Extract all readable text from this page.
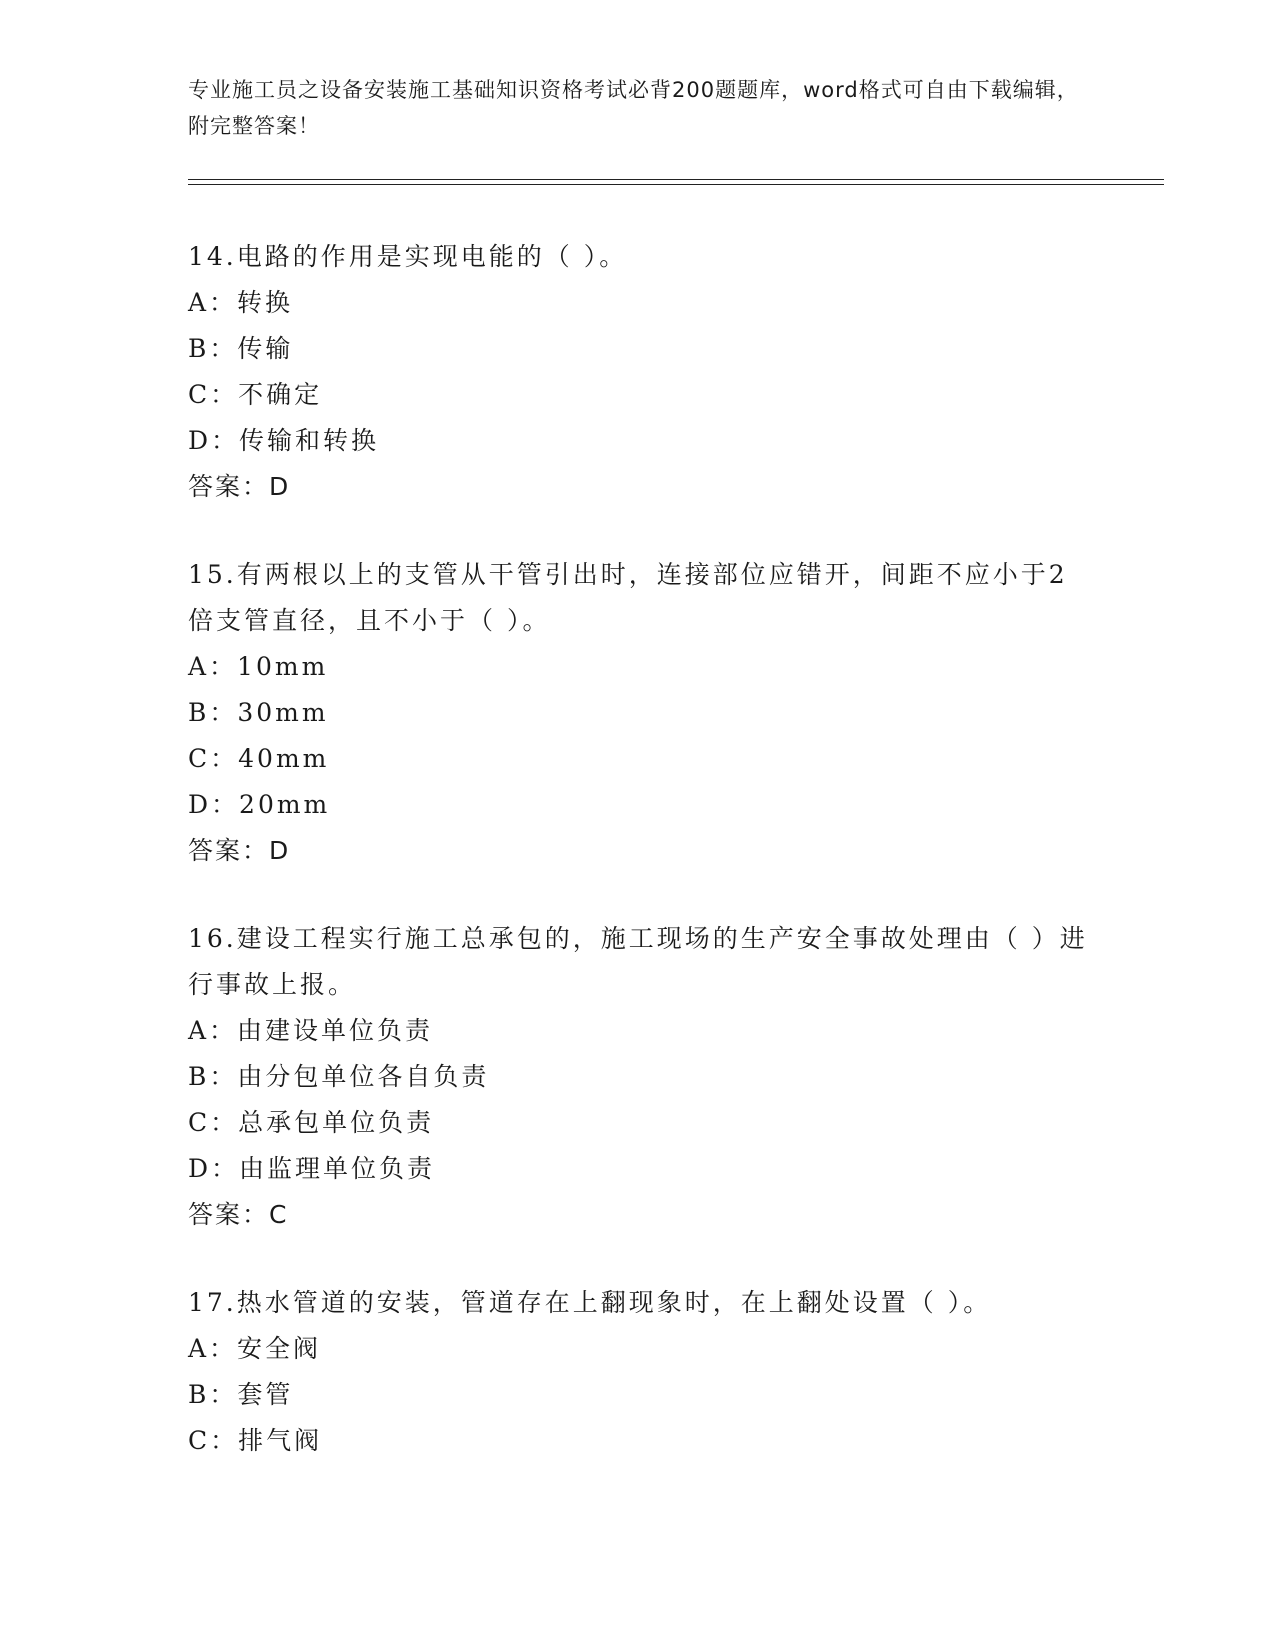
专业施工员之设备安装施工基础知识资格考试必背200题题库，word格式可自由下载编辑，附完整答案！
14.电路的作用是实现电能的（ ）。
A：转换
B：传输
C：不确定
D：传输和转换
答案：D
15.有两根以上的支管从干管引出时，连接部位应错开，间距不应小于2倍支管直径，且不小于（ ）。
A：10mm
B：30mm
C：40mm
D：20mm
答案：D
16.建设工程实行施工总承包的，施工现场的生产安全事故处理由（ ）进行事故上报。
A：由建设单位负责
B：由分包单位各自负责
C：总承包单位负责
D：由监理单位负责
答案：C
17.热水管道的安装，管道存在上翻现象时，在上翻处设置（ ）。
A：安全阀
B：套管
C：排气阀
